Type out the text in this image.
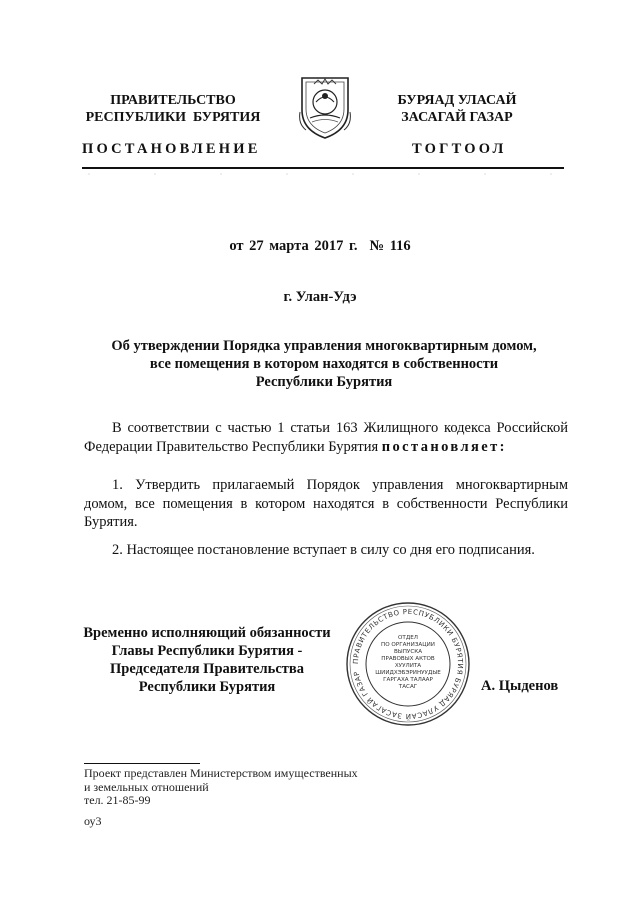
ПРАВИТЕЛЬСТВО
РЕСПУБЛИКИ  БУРЯТИЯ
БУРЯАД УЛАСАЙ
ЗАСАГАЙ ГАЗАР
ПОСТАНОВЛЕНИЕ	ТОГТООЛ
от 27 марта 2017 г. № 116
г. Улан-Удэ
Об утверждении Порядка управления многоквартирным домом,
все помещения в котором находятся в собственности
Республики Бурятия
В соответствии с частью 1 статьи 163 Жилищного кодекса Российской Федерации Правительство Республики Бурятия постановляет:
1. Утвердить прилагаемый Порядок управления многоквартирным домом, все помещения в котором находятся в собственности Республики Бурятия.
2. Настоящее постановление вступает в силу со дня его подписания.
Временно исполняющий обязанности
Главы Республики Бурятия -
Председателя Правительства
Республики Бурятия
ПРАВИТЕЛЬСТВО РЕСПУБЛИКИ БУРЯТИЯ БУРЯАД УЛАСАЙ ЗАСАГАЙ ГАЗАР
ОТДЕЛ
ПО ОРГАНИЗАЦИИ
ВЫПУСКА
ПРАВОВЫХ АКТОВ
ХУУЛИТА
ШИИДХЭБЭРИНУУДЫЕ
ГАРГАХА ТАЛААР
ТАСАГ	А. Цыденов
Проект представлен Министерством имущественных
и земельных отношений
тел. 21-85-99
оу3
